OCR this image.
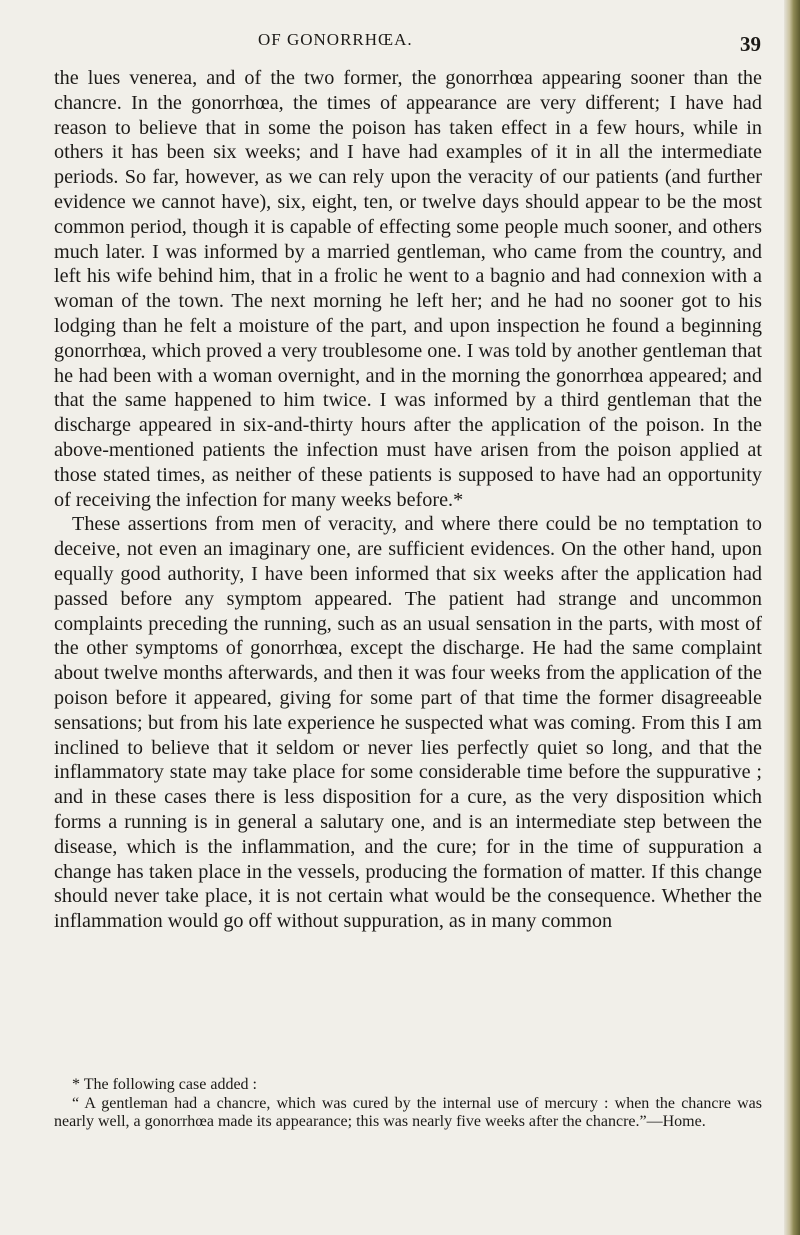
OF GONORRHŒA.	39

the lues venerea, and of the two former, the gonorrhœa appearing sooner than the chancre. In the gonorrhœa, the times of appearance are very different; I have had reason to believe that in some the poison has taken effect in a few hours, while in others it has been six weeks; and I have had examples of it in all the intermediate periods. So far, however, as we can rely upon the veracity of our patients (and further evidence we cannot have), six, eight, ten, or twelve days should appear to be the most common period, though it is capable of effecting some people much sooner, and others much later. I was informed by a married gentleman, who came from the country, and left his wife behind him, that in a frolic he went to a bagnio and had connexion with a woman of the town. The next morning he left her; and he had no sooner got to his lodging than he felt a moisture of the part, and upon inspection he found a beginning gonorrhœa, which proved a very troublesome one. I was told by another gentleman that he had been with a woman overnight, and in the morning the gonorrhœa appeared; and that the same happened to him twice. I was informed by a third gentleman that the discharge appeared in six-and-thirty hours after the application of the poison. In the above-mentioned patients the infection must have arisen from the poison applied at those stated times, as neither of these patients is supposed to have had an opportunity of receiving the infection for many weeks before.*

These assertions from men of veracity, and where there could be no temptation to deceive, not even an imaginary one, are sufficient evidences. On the other hand, upon equally good authority, I have been informed that six weeks after the application had passed before any symptom appeared. The patient had strange and uncommon complaints preceding the running, such as an usual sensation in the parts, with most of the other symptoms of gonorrhœa, except the discharge. He had the same complaint about twelve months afterwards, and then it was four weeks from the application of the poison before it appeared, giving for some part of that time the former disagreeable sensations; but from his late experience he suspected what was coming. From this I am inclined to believe that it seldom or never lies perfectly quiet so long, and that the inflammatory state may take place for some considerable time before the suppurative ; and in these cases there is less disposition for a cure, as the very disposition which forms a running is in general a salutary one, and is an intermediate step between the disease, which is the inflammation, and the cure; for in the time of suppuration a change has taken place in the vessels, producing the formation of matter. If this change should never take place, it is not certain what would be the consequence. Whether the inflammation would go off without suppuration, as in many common

* The following case added :

“ A gentleman had a chancre, which was cured by the internal use of mercury : when the chancre was nearly well, a gonorrhœa made its appearance; this was nearly five weeks after the chancre.”—Home.
